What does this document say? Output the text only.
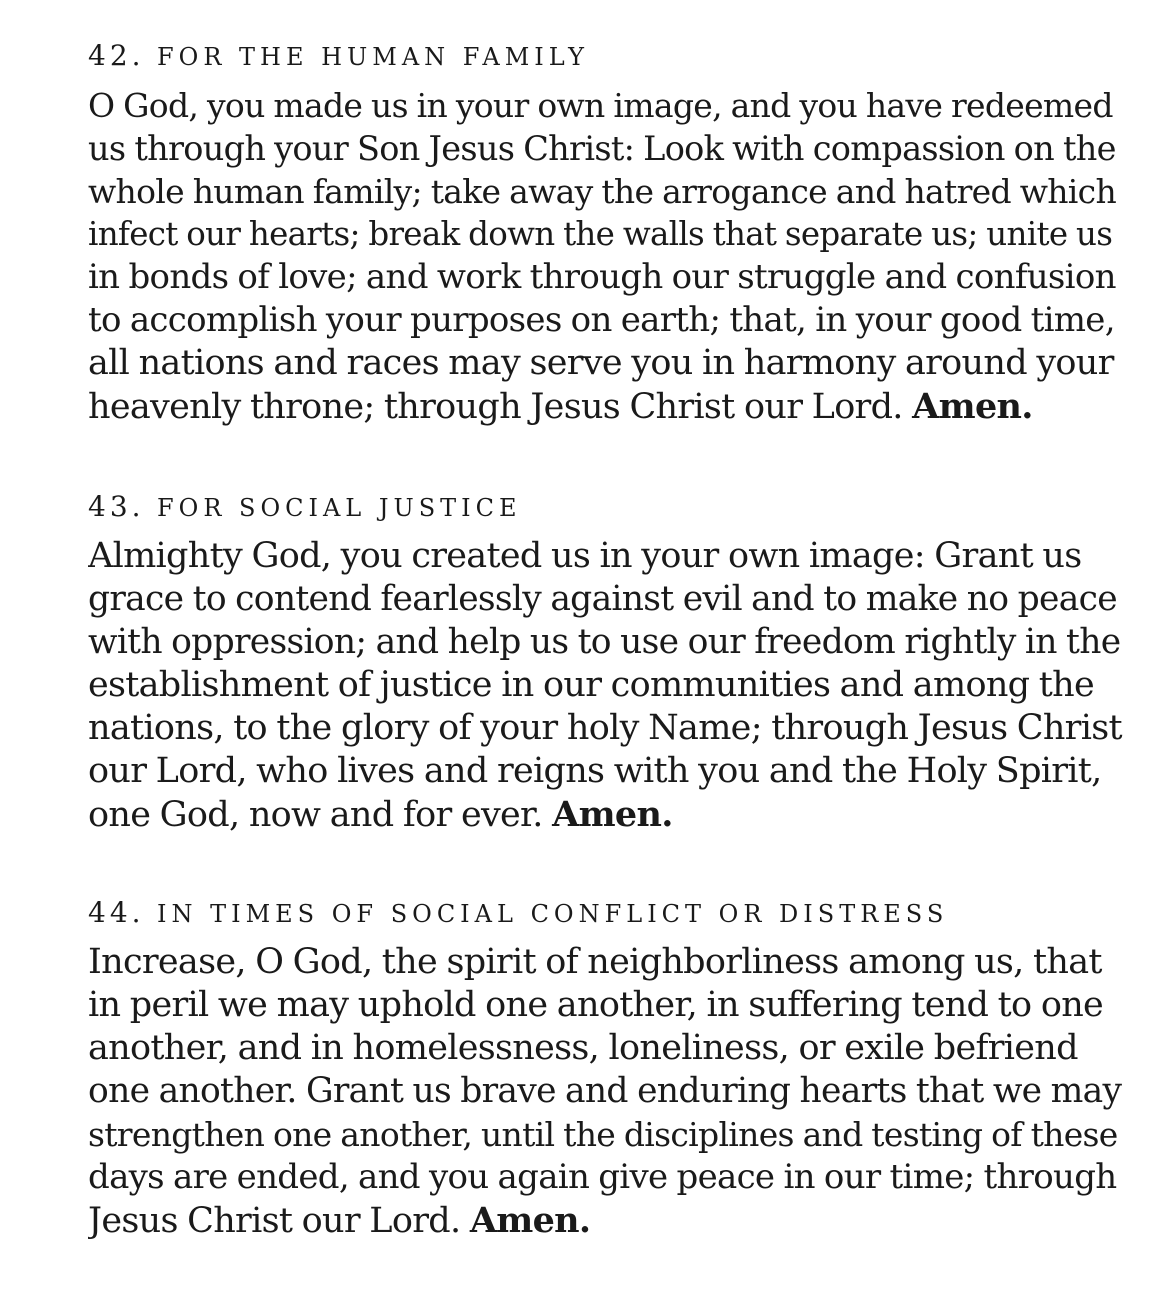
42. FOR THE HUMAN FAMILY
O God, you made us in your own image, and you have redeemed
us through your Son Jesus Christ: Look with compassion on the
whole human family; take away the arrogance and hatred which
infect our hearts; break down the walls that separate us; unite us
in bonds of love; and work through our struggle and confusion
to accomplish your purposes on earth; that, in your good time,
all nations and races may serve you in harmony around your
heavenly throne; through Jesus Christ our Lord. Amen.
43. FOR SOCIAL JUSTICE
Almighty God, you created us in your own image: Grant us
grace to contend fearlessly against evil and to make no peace
with oppression; and help us to use our freedom rightly in the
establishment of justice in our communities and among the
nations, to the glory of your holy Name; through Jesus Christ
our Lord, who lives and reigns with you and the Holy Spirit,
one God, now and for ever. Amen.
44. IN TIMES OF SOCIAL CONFLICT OR DISTRESS
Increase, O God, the spirit of neighborliness among us, that
in peril we may uphold one another, in suffering tend to one
another, and in homelessness, loneliness, or exile befriend
one another. Grant us brave and enduring hearts that we may
strengthen one another, until the disciplines and testing of these
days are ended, and you again give peace in our time; through
Jesus Christ our Lord. Amen.
